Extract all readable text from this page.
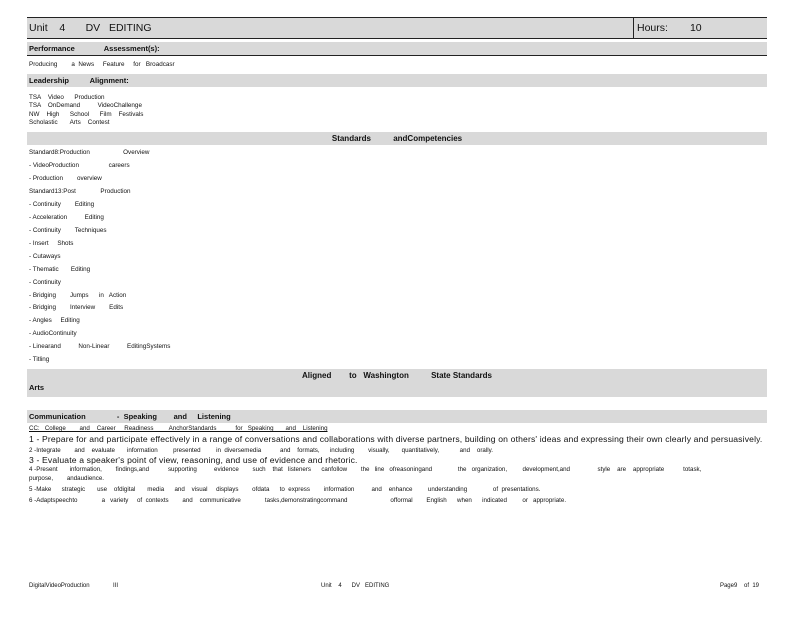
Unit    4       DV   EDITING	Hours: 10
Performance              Assessment(s):
Producing        a  News     Feature     for   Broadcasr
Leadership          Alignment:
TSA    Video      Production
TSA    OnDemand          VideoChallenge
NW    High      School      Film    Festivals
Scholastic       Arts    Contest
Standards          andCompetencies
Standard8:Production                   Overview
- VideoProduction                 careers
- Production        overview
Standard13:Post              Production
- Continuity        Editing
- Acceleration          Editing
- Continuity        Techniques
- Insert     Shots
- Cutaways
- Thematic       Editing
- Continuity
- Bridging        Jumps      in   Action
- Bridging        Interview        Edits
- Angles     Editing
- AudioContinuity
- Linearand          Non-Linear          EditingSystems
- Titling
Aligned        to   Washington          State Standards
Arts
Communication               -  Speaking        and     Listening
CC:   College        and    Career     Readiness         AnchorStandards           for   Speaking       and    Listening
1 - Prepare for and participate effectively in a range of conversations and collaborations with diverse partners, building on others' ideas and expressing their own clearly and persuasively.
2 -Integrate        and    evaluate       information         presented         in  diversemedia           and    formats,      including        visually,       quantitatively,            and    orally.
3 - Evaluate a speaker's point of view, reasoning, and use of evidence and rhetoric.
4 -Present       information,        findings,and           supporting          evidence        such    that   listeners      canfollow        the   line   ofreasoningand               the   organization,         development,and                style    are    appropriate           totask,
purpose,        andaudience.
5 -Make      strategic       use    ofdigital       media      and    visual     displays        ofdata      to  express        information          and    enhance         understanding               of  presentations.
6 -Adaptspeechto              a   variety     of  contexts        and    communicative              tasks,demonstratingcommand                         offormal        English      when      indicated         or   appropriate.
DigitalVideoProduction	III	Unit    4      DV   EDITING	Page9    of  19
